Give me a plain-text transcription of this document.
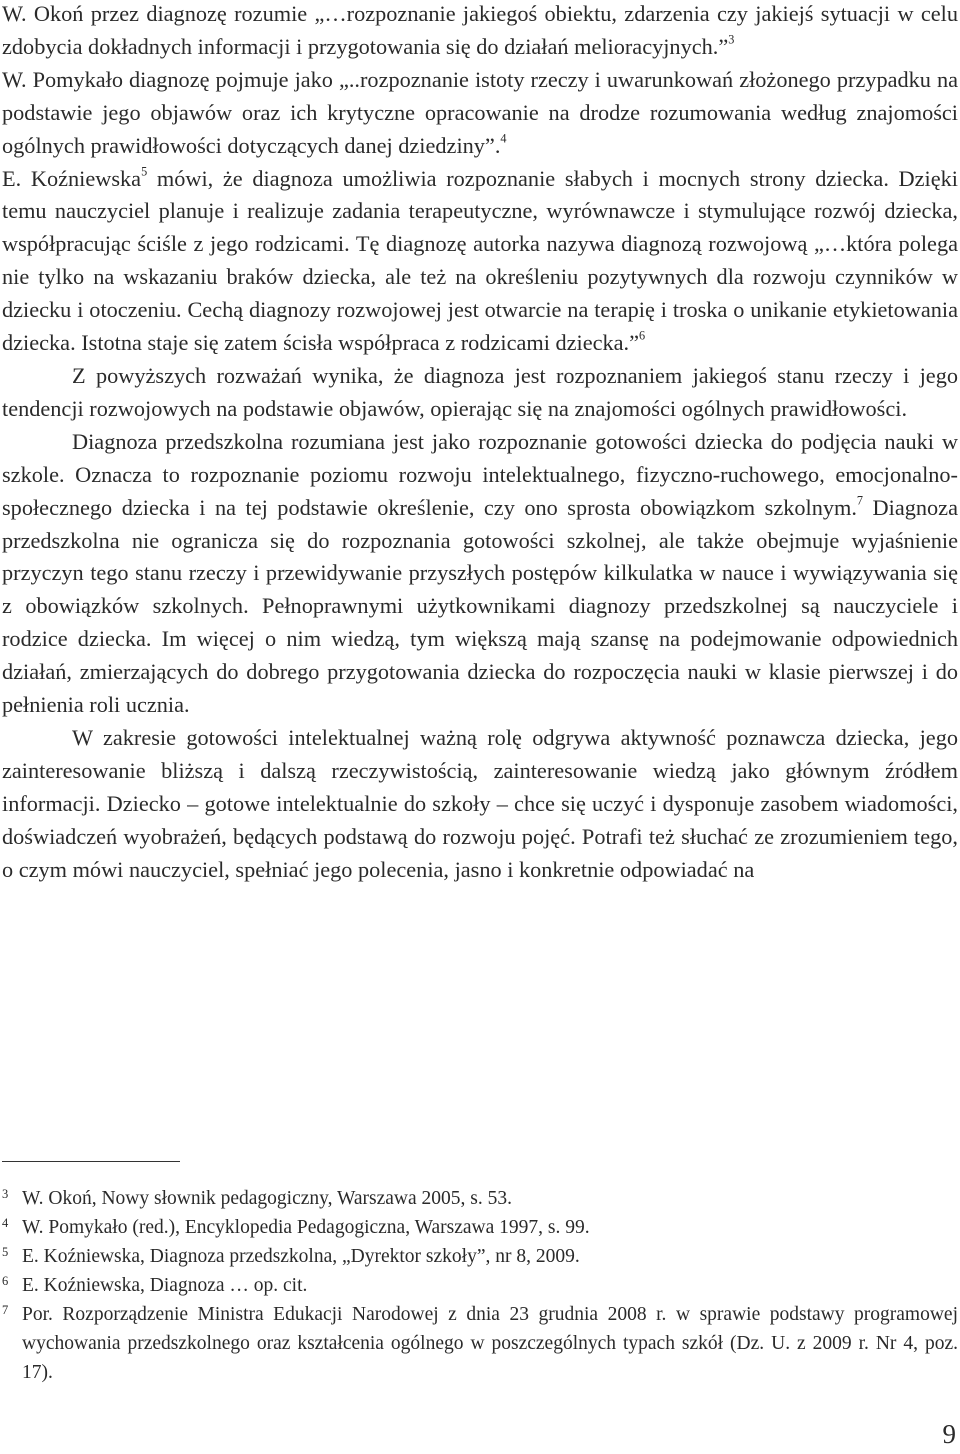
W. Okoń przez diagnozę rozumie „…rozpoznanie jakiegoś obiektu, zdarzenia czy jakiejś sytuacji w celu zdobycia dokładnych informacji i przygotowania się do działań melioracyjnych.”$^3$

W. Pomykało diagnozę pojmuje jako „..rozpoznanie istoty rzeczy i uwarunkowań złożonego przypadku na podstawie jego objawów oraz ich krytyczne opracowanie na drodze rozumowania według znajomości ogólnych prawidłowości dotyczących danej dziedziny”.$^4$

E. Koźniewska$^5$ mówi, że diagnoza umożliwia rozpoznanie słabych i mocnych strony dziecka. Dzięki temu nauczyciel planuje i realizuje zadania terapeutyczne, wyrównawcze i stymulujące rozwój dziecka, współpracując ściśle z jego rodzicami. Tę diagnozę autorka nazywa diagnozą rozwojową „…która polega nie tylko na wskazaniu braków dziecka, ale też na określeniu pozytywnych dla rozwoju czynników w dziecku i otoczeniu. Cechą diagnozy rozwojowej jest otwarcie na terapię i troska o unikanie etykietowania dziecka. Istotna staje się zatem ścisła współpraca z rodzicami dziecka.”$^6$

Z powyższych rozważań wynika, że diagnoza jest rozpoznaniem jakiegoś stanu rzeczy i jego tendencji rozwojowych na podstawie objawów, opierając się na znajomości ogólnych prawidłowości.

Diagnoza przedszkolna rozumiana jest jako rozpoznanie gotowości dziecka do podjęcia nauki w szkole. Oznacza to rozpoznanie poziomu rozwoju intelektualnego, fizyczno-ruchowego, emocjonalno-społecznego dziecka i na tej podstawie określenie, czy ono sprosta obowiązkom szkolnym.$^7$ Diagnoza przedszkolna nie ogranicza się do rozpoznania gotowości szkolnej, ale także obejmuje wyjaśnienie przyczyn tego stanu rzeczy i przewidywanie przyszłych postępów kilkulatka w nauce i wywiązywania się z obowiązków szkolnych. Pełnoprawnymi użytkownikami diagnozy przedszkolnej są nauczyciele i rodzice dziecka. Im więcej o nim wiedzą, tym większą mają szansę na podejmowanie odpowiednich działań, zmierzających do dobrego przygotowania dziecka do rozpoczęcia nauki w klasie pierwszej i do pełnienia roli ucznia.

W zakresie gotowości intelektualnej ważną rolę odgrywa aktywność poznawcza dziecka, jego zainteresowanie bliższą i dalszą rzeczywistością, zainteresowanie wiedzą jako głównym źródłem informacji. Dziecko – gotowe intelektualnie do szkoły – chce się uczyć i dysponuje zasobem wiadomości, doświadczeń wyobrażeń, będących podstawą do rozwoju pojęć. Potrafi też słuchać ze zrozumieniem tego, o czym mówi nauczyciel, spełniać jego polecenia, jasno i konkretnie odpowiadać na

3 W. Okoń, Nowy słownik pedagogiczny, Warszawa 2005, s. 53.

4 W. Pomykało (red.), Encyklopedia Pedagogiczna, Warszawa 1997, s. 99.

5 E. Koźniewska, Diagnoza przedszkolna, „Dyrektor szkoły”, nr 8, 2009.

6 E. Koźniewska, Diagnoza … op. cit.

7 Por. Rozporządzenie Ministra Edukacji Narodowej z dnia 23 grudnia 2008 r. w sprawie podstawy programowej wychowania przedszkolnego oraz kształcenia ogólnego w poszczególnych typach szkół (Dz. U. z 2009 r. Nr 4, poz. 17).

9
